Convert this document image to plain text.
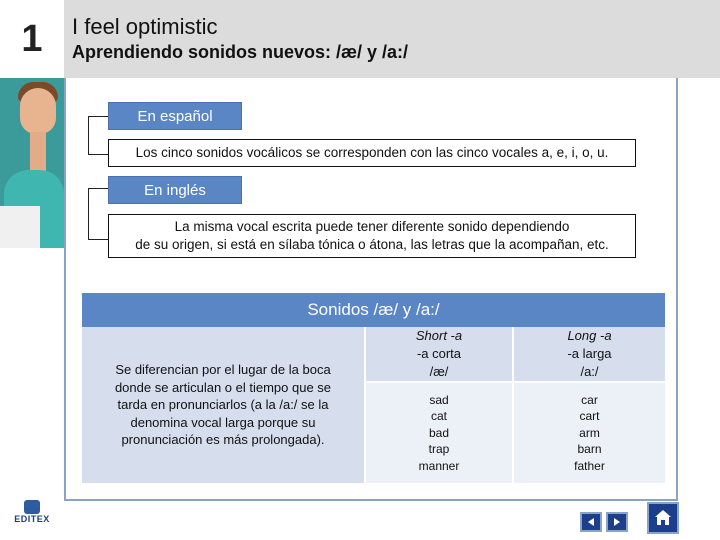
1	I feel optimistic
Aprendiendo sonidos nuevos: /æ/ y /a:/
En español
Los cinco sonidos vocálicos se corresponden con las cinco vocales a, e, i, o, u.
En inglés
La misma vocal escrita puede tener diferente sonido dependiendo
de su origen, si está en sílaba tónica o átona, las letras que la acompañan, etc.
Sonidos /æ/ y /a:/
Se diferencian por el lugar de la boca donde se articulan o el tiempo que se tarda en pronunciarlos (a la /a:/ se la denomina vocal larga porque su pronunciación es más prolongada).
Short -a
-a corta
/æ/
Long -a
-a larga
/a:/
sad
cat
bad
trap
manner
car
cart
arm
barn
father
EDITEX
